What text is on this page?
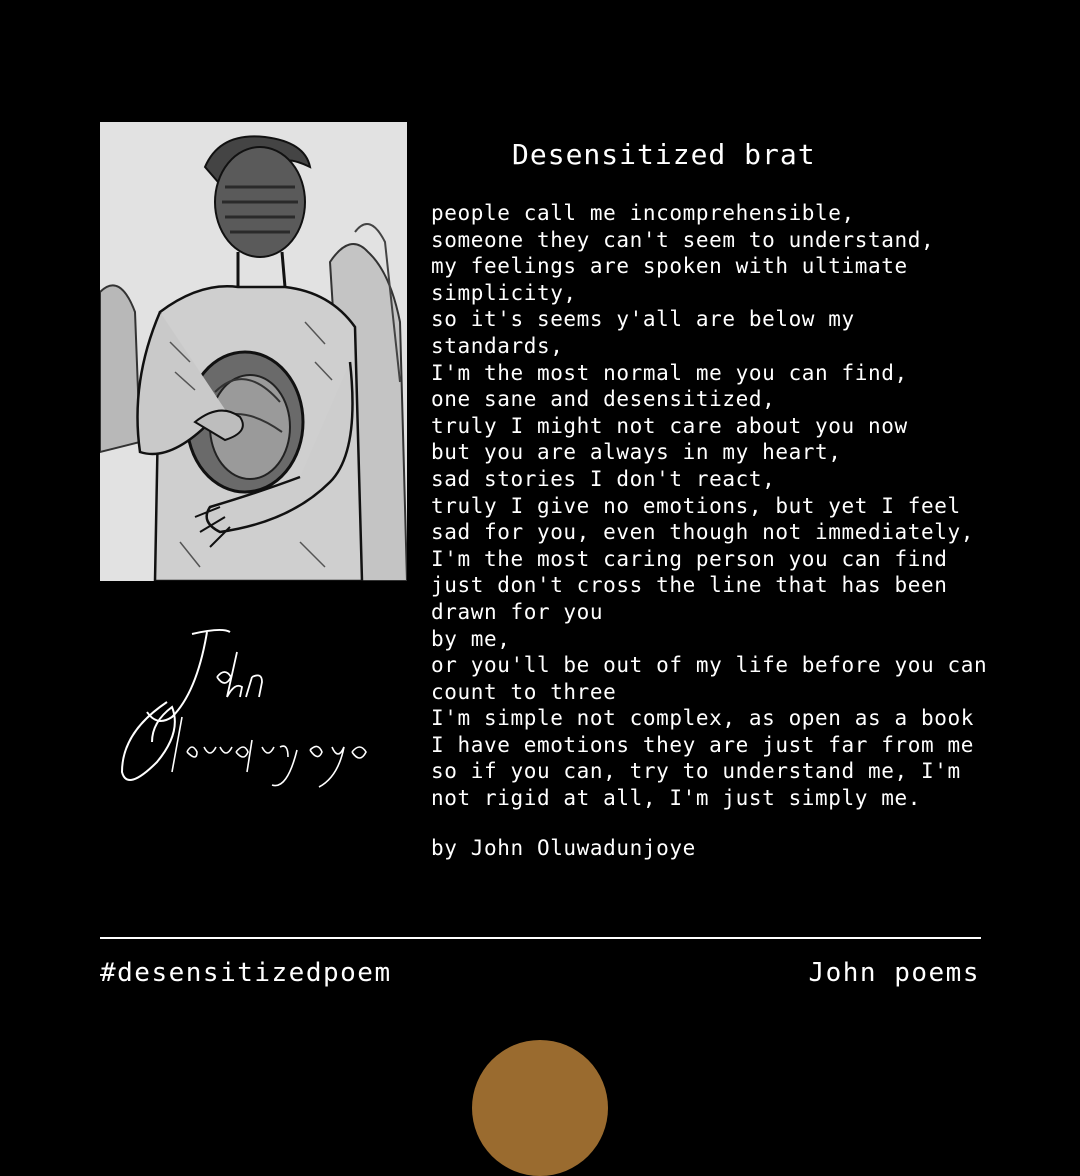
Desensitized brat
people call me incomprehensible,
someone they can't seem to understand,
my feelings are spoken with ultimate
simplicity,
so it's seems y'all are below my
standards,
I'm the most normal me you can find,
one sane and desensitized,
truly I might not care about you now
but you are always in my heart,
sad stories I don't react,
truly I give no emotions, but yet I feel
sad for you, even though not immediately,
I'm the most caring person you can find
just don't cross the line that has been
drawn for you
by me,
or you'll be out of my life before you can
count to three
I'm simple not complex, as open as a book
I have emotions they are just far from me
so if you can, try to understand me, I'm
not rigid at all, I'm just simply me.
by John Oluwadunjoye
#desensitizedpoem	John poems
